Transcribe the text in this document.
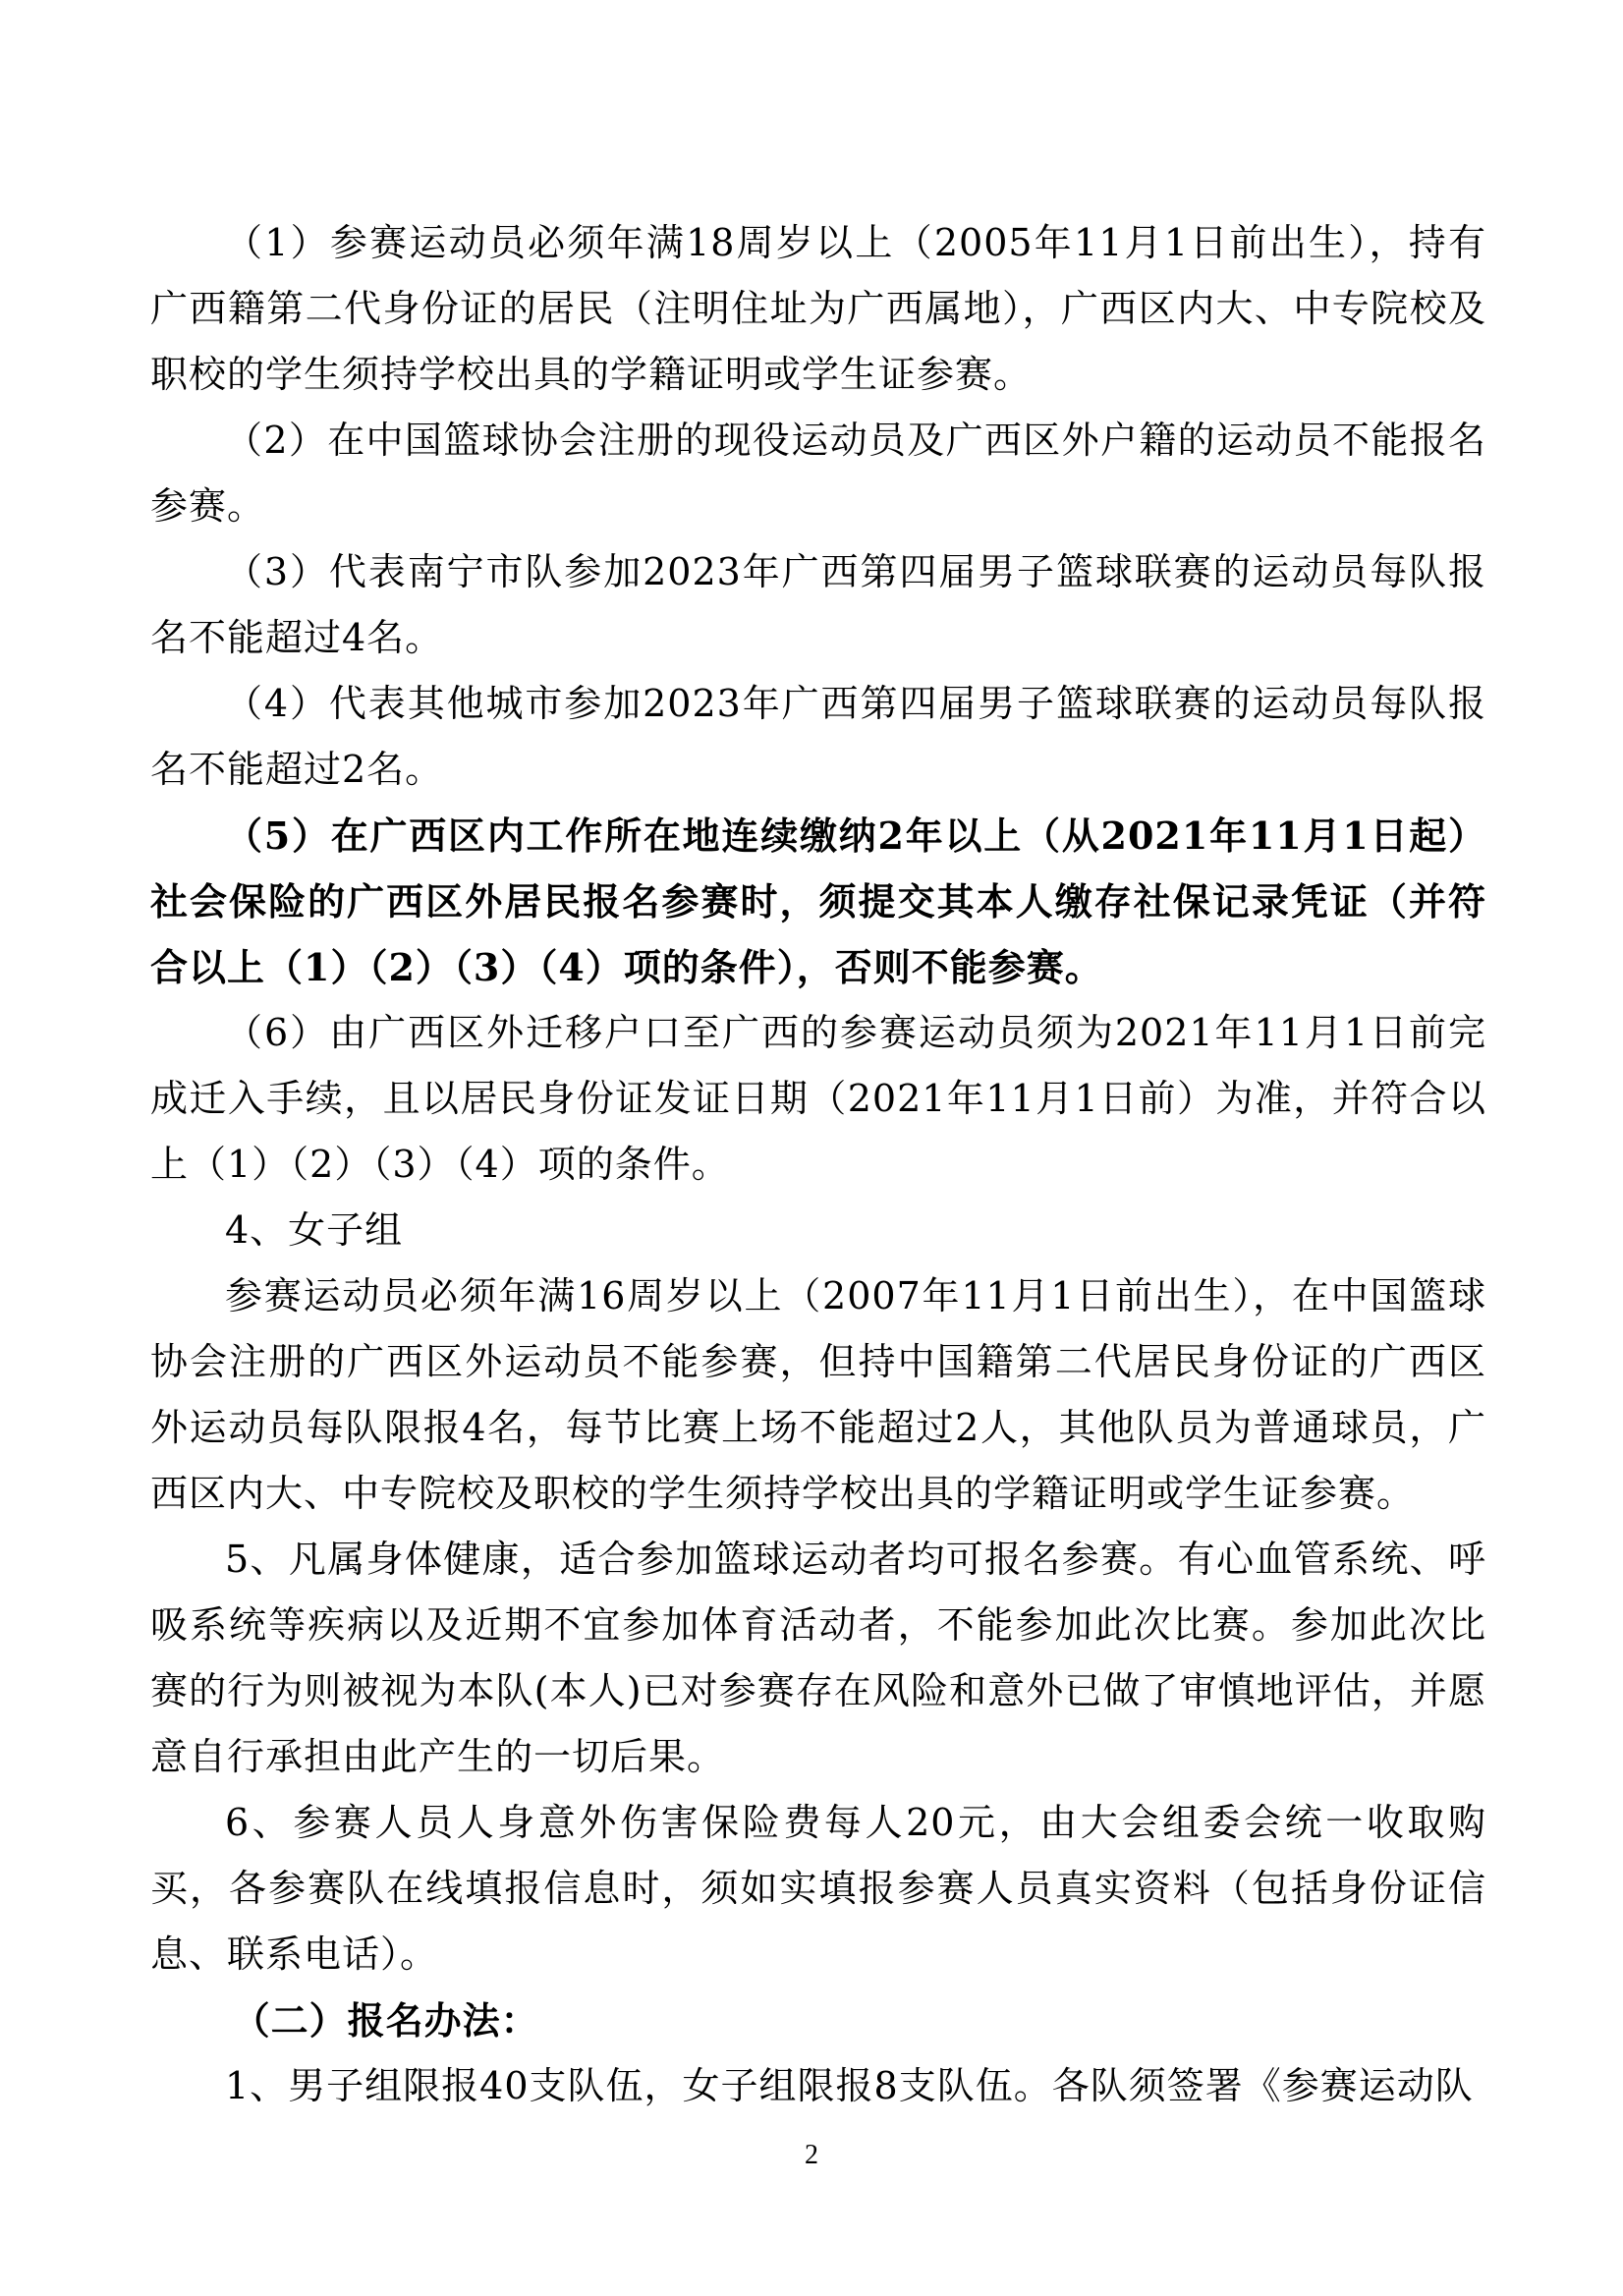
（1）参赛运动员必须年满18周岁以上（2005年11月1日前出生），持有广西籍第二代身份证的居民（注明住址为广西属地），广西区内大、中专院校及职校的学生须持学校出具的学籍证明或学生证参赛。

（2）在中国篮球协会注册的现役运动员及广西区外户籍的运动员不能报名参赛。

（3）代表南宁市队参加2023年广西第四届男子篮球联赛的运动员每队报名不能超过4名。

（4）代表其他城市参加2023年广西第四届男子篮球联赛的运动员每队报名不能超过2名。

（5）在广西区内工作所在地连续缴纳2年以上（从2021年11月1日起）社会保险的广西区外居民报名参赛时，须提交其本人缴存社保记录凭证（并符合以上（1）（2）（3）（4）项的条件），否则不能参赛。

（6）由广西区外迁移户口至广西的参赛运动员须为2021年11月1日前完成迁入手续，且以居民身份证发证日期（2021年11月1日前）为准，并符合以上（1）（2）（3）（4）项的条件。

4、女子组

参赛运动员必须年满16周岁以上（2007年11月1日前出生），在中国篮球协会注册的广西区外运动员不能参赛，但持中国籍第二代居民身份证的广西区外运动员每队限报4名，每节比赛上场不能超过2人，其他队员为普通球员，广西区内大、中专院校及职校的学生须持学校出具的学籍证明或学生证参赛。

5、凡属身体健康，适合参加篮球运动者均可报名参赛。有心血管系统、呼吸系统等疾病以及近期不宜参加体育活动者，不能参加此次比赛。参加此次比赛的行为则被视为本队(本人)已对参赛存在风险和意外已做了审慎地评估，并愿意自行承担由此产生的一切后果。

6、参赛人员人身意外伤害保险费每人20元，由大会组委会统一收取购买，各参赛队在线填报信息时，须如实填报参赛人员真实资料（包括身份证信息、联系电话）。

（二）报名办法：

1、男子组限报40支队伍，女子组限报8支队伍。各队须签署《参赛运动队

2
